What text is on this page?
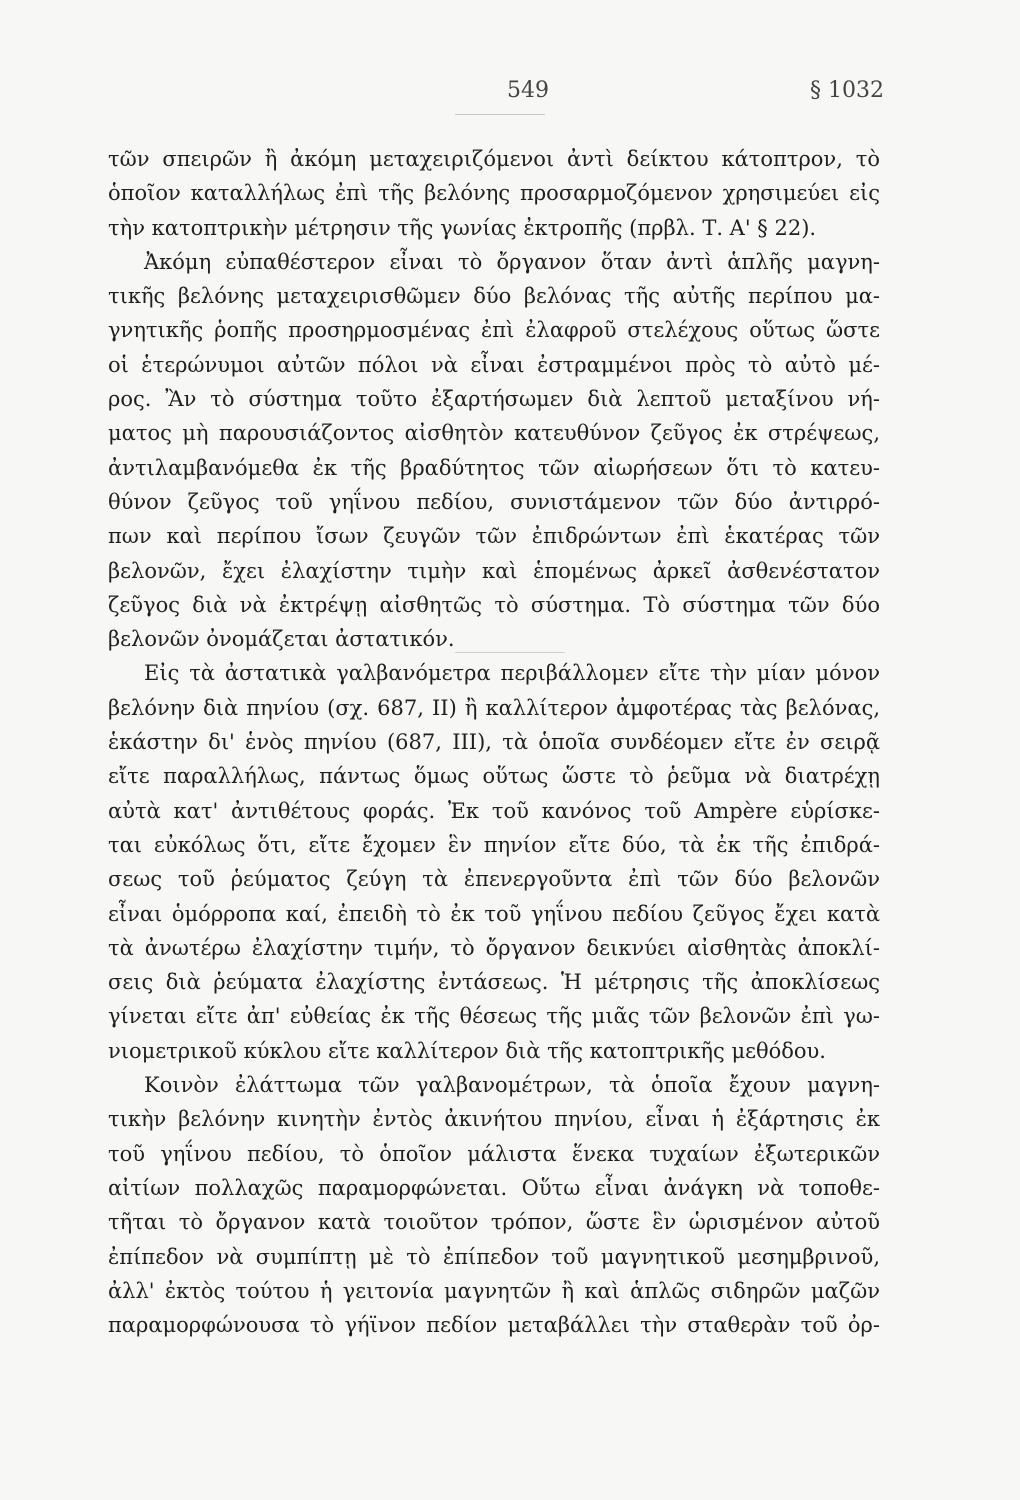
549	§ 1032
τῶν σπειρῶν ἢ ἀκόμη μεταχειριζόμενοι ἀντὶ δείκτου κάτοπτρον, τὸ
ὁποῖον καταλλήλως ἐπὶ τῆς βελόνης προσαρμοζόμενον χρησιμεύει εἰς
τὴν κατοπτρικὴν μέτρησιν τῆς γωνίας ἐκτροπῆς (πρβλ. Τ. Α' § 22).
Ἀκόμη εὐπαθέστερον εἶναι τὸ ὄργανον ὅταν ἀντὶ ἁπλῆς μαγνη-
τικῆς βελόνης μεταχειρισθῶμεν δύο βελόνας τῆς αὐτῆς περίπου μα-
γνητικῆς ῥοπῆς προσηρμοσμένας ἐπὶ ἐλαφροῦ στελέχους οὕτως ὥστε
οἱ ἑτερώνυμοι αὐτῶν πόλοι νὰ εἶναι ἐστραμμένοι πρὸς τὸ αὐτὸ μέ-
ρος. Ἂν τὸ σύστημα τοῦτο ἐξαρτήσωμεν διὰ λεπτοῦ μεταξίνου νή-
ματος μὴ παρουσιάζοντος αἰσθητὸν κατευθύνον ζεῦγος ἐκ στρέψεως,
ἀντιλαμβανόμεθα ἐκ τῆς βραδύτητος τῶν αἰωρήσεων ὅτι τὸ κατευ-
θύνον ζεῦγος τοῦ γηΐνου πεδίου, συνιστάμενον τῶν δύο ἀντιρρό-
πων καὶ περίπου ἴσων ζευγῶν τῶν ἐπιδρώντων ἐπὶ ἑκατέρας τῶν
βελονῶν, ἔχει ἐλαχίστην τιμὴν καὶ ἑπομένως ἀρκεῖ ἀσθενέστατον
ζεῦγος διὰ νὰ ἐκτρέψῃ αἰσθητῶς τὸ σύστημα. Τὸ σύστημα τῶν δύο
βελονῶν ὀνομάζεται ἀστατικόν.
Εἰς τὰ ἀστατικὰ γαλβανόμετρα περιβάλλομεν εἴτε τὴν μίαν μόνον
βελόνην διὰ πηνίου (σχ. 687, II) ἢ καλλίτερον ἀμφοτέρας τὰς βελόνας,
ἑκάστην δι' ἑνὸς πηνίου (687, III), τὰ ὁποῖα συνδέομεν εἴτε ἐν σειρᾷ
εἴτε παραλλήλως, πάντως ὅμως οὕτως ὥστε τὸ ῥεῦμα νὰ διατρέχῃ
αὐτὰ κατ' ἀντιθέτους φοράς. Ἐκ τοῦ κανόνος τοῦ Ampère εὑρίσκε-
ται εὐκόλως ὅτι, εἴτε ἔχομεν ἓν πηνίον εἴτε δύο, τὰ ἐκ τῆς ἐπιδρά-
σεως τοῦ ῥεύματος ζεύγη τὰ ἐπενεργοῦντα ἐπὶ τῶν δύο βελονῶν
εἶναι ὁμόρροπα καί, ἐπειδὴ τὸ ἐκ τοῦ γηΐνου πεδίου ζεῦγος ἔχει κατὰ
τὰ ἀνωτέρω ἐλαχίστην τιμήν, τὸ ὄργανον δεικνύει αἰσθητὰς ἀποκλί-
σεις διὰ ῥεύματα ἐλαχίστης ἐντάσεως. Ἡ μέτρησις τῆς ἀποκλίσεως
γίνεται εἴτε ἀπ' εὐθείας ἐκ τῆς θέσεως τῆς μιᾶς τῶν βελονῶν ἐπὶ γω-
νιομετρικοῦ κύκλου εἴτε καλλίτερον διὰ τῆς κατοπτρικῆς μεθόδου.
Κοινὸν ἐλάττωμα τῶν γαλβανομέτρων, τὰ ὁποῖα ἔχουν μαγνη-
τικὴν βελόνην κινητὴν ἐντὸς ἀκινήτου πηνίου, εἶναι ἡ ἐξάρτησις ἐκ
τοῦ γηΐνου πεδίου, τὸ ὁποῖον μάλιστα ἕνεκα τυχαίων ἐξωτερικῶν
αἰτίων πολλαχῶς παραμορφώνεται. Οὕτω εἶναι ἀνάγκη νὰ τοποθε-
τῆται τὸ ὄργανον κατὰ τοιοῦτον τρόπον, ὥστε ἓν ὡρισμένον αὐτοῦ
ἐπίπεδον νὰ συμπίπτῃ μὲ τὸ ἐπίπεδον τοῦ μαγνητικοῦ μεσημβρινοῦ,
ἀλλ' ἐκτὸς τούτου ἡ γειτονία μαγνητῶν ἢ καὶ ἁπλῶς σιδηρῶν μαζῶν
παραμορφώνουσα τὸ γήϊνον πεδίον μεταβάλλει τὴν σταθερὰν τοῦ ὀρ-
